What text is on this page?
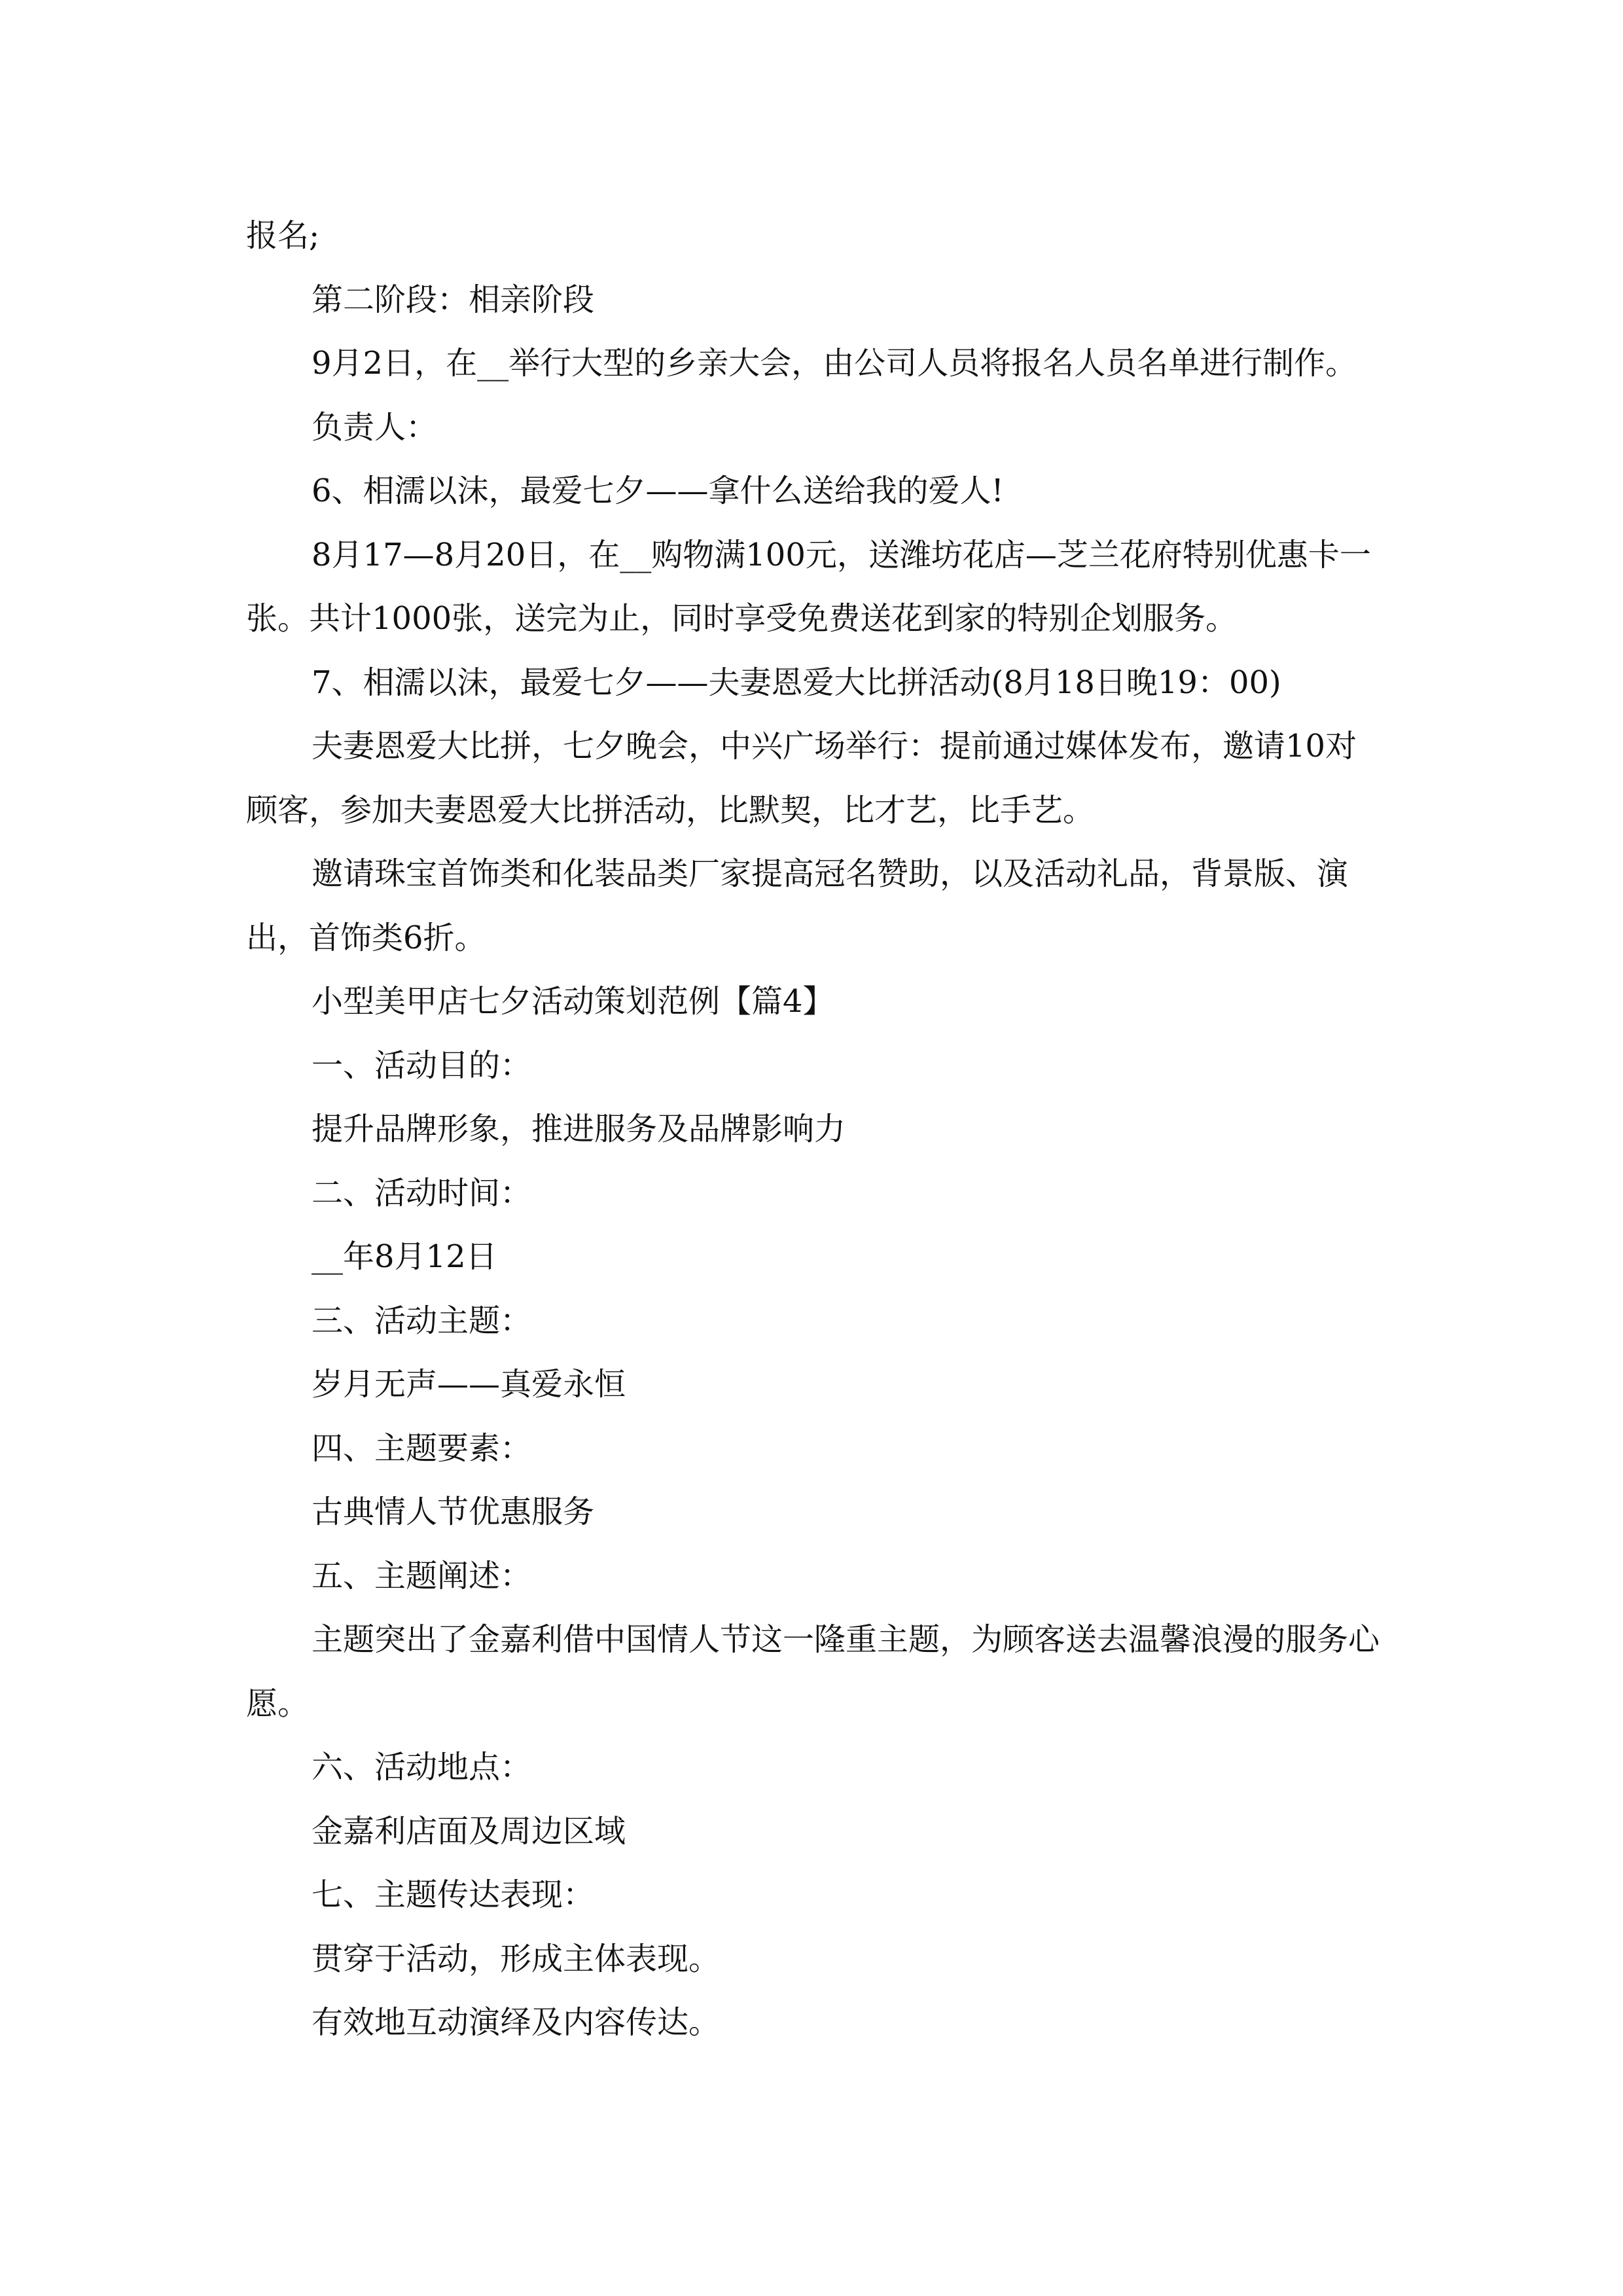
报名;

第二阶段：相亲阶段

9月2日，在__举行大型的乡亲大会，由公司人员将报名人员名单进行制作。

负责人：

6、相濡以沫，最爱七夕——拿什么送给我的爱人!

8月17—8月20日，在__购物满100元，送潍坊花店—芝兰花府特别优惠卡一张。共计1000张，送完为止，同时享受免费送花到家的特别企划服务。

7、相濡以沫，最爱七夕——夫妻恩爱大比拼活动(8月18日晚19：00)

夫妻恩爱大比拼，七夕晚会，中兴广场举行：提前通过媒体发布，邀请10对顾客，参加夫妻恩爱大比拼活动，比默契，比才艺，比手艺。

邀请珠宝首饰类和化装品类厂家提高冠名赞助，以及活动礼品，背景版、演出，首饰类6折。

小型美甲店七夕活动策划范例【篇4】

一、活动目的：

提升品牌形象，推进服务及品牌影响力

二、活动时间：

__年8月12日

三、活动主题：

岁月无声——真爱永恒

四、主题要素：

古典情人节优惠服务

五、主题阐述：

主题突出了金嘉利借中国情人节这一隆重主题，为顾客送去温馨浪漫的服务心愿。

六、活动地点：

金嘉利店面及周边区域

七、主题传达表现：

贯穿于活动，形成主体表现。

有效地互动演绎及内容传达。
